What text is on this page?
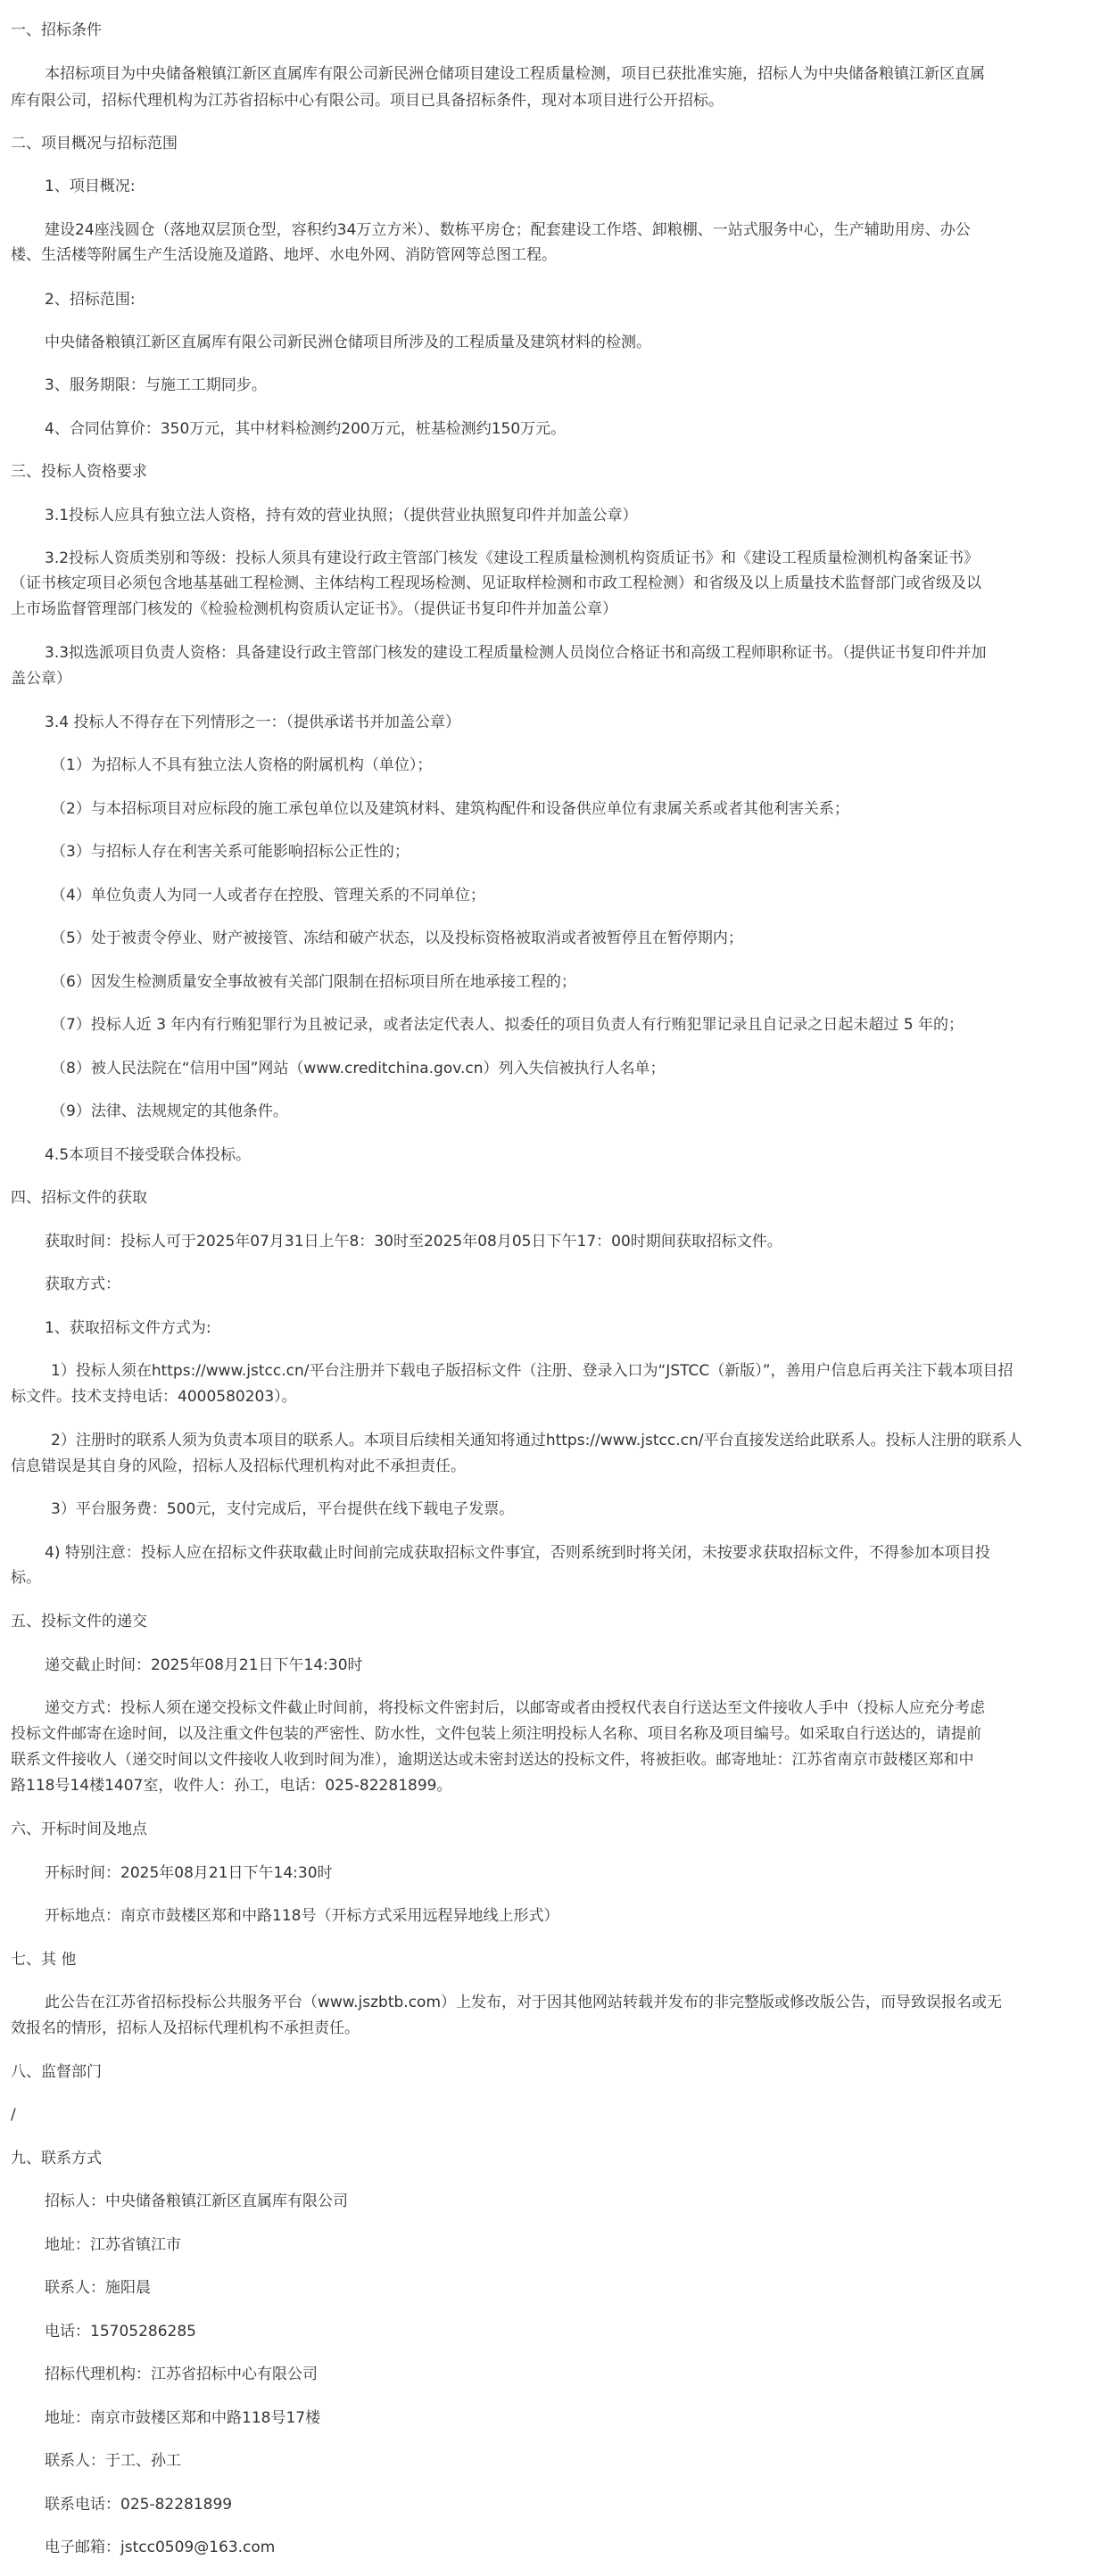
一、招标条件
本招标项目为中央储备粮镇江新区直属库有限公司新民洲仓储项目建设工程质量检测，项目已获批准实施，招标人为中央储备粮镇江新区直属
库有限公司，招标代理机构为江苏省招标中心有限公司。项目已具备招标条件，现对本项目进行公开招标。
二、项目概况与招标范围
1、项目概况:
建设24座浅圆仓（落地双层顶仓型，容积约34万立方米）、数栋平房仓；配套建设工作塔、卸粮棚、一站式服务中心，生产辅助用房、办公
楼、生活楼等附属生产生活设施及道路、地坪、水电外网、消防管网等总图工程。
2、招标范围:
中央储备粮镇江新区直属库有限公司新民洲仓储项目所涉及的工程质量及建筑材料的检测。
3、服务期限：与施工工期同步。
4、合同估算价：350万元，其中材料检测约200万元，桩基检测约150万元。
三、投标人资格要求
3.1投标人应具有独立法人资格，持有效的营业执照；（提供营业执照复印件并加盖公章）
3.2投标人资质类别和等级：投标人须具有建设行政主管部门核发《建设工程质量检测机构资质证书》和《建设工程质量检测机构备案证书》
（证书核定项目必须包含地基基础工程检测、主体结构工程现场检测、见证取样检测和市政工程检测）和省级及以上质量技术监督部门或省级及以
上市场监督管理部门核发的《检验检测机构资质认定证书》。（提供证书复印件并加盖公章）
3.3拟选派项目负责人资格：具备建设行政主管部门核发的建设工程质量检测人员岗位合格证书和高级工程师职称证书。（提供证书复印件并加
盖公章）
3.4 投标人不得存在下列情形之一：（提供承诺书并加盖公章）
（1）为招标人不具有独立法人资格的附属机构（单位）；
（2）与本招标项目对应标段的施工承包单位以及建筑材料、建筑构配件和设备供应单位有隶属关系或者其他利害关系；
（3）与招标人存在利害关系可能影响招标公正性的；
（4）单位负责人为同一人或者存在控股、管理关系的不同单位；
（5）处于被责令停业、财产被接管、冻结和破产状态，以及投标资格被取消或者被暂停且在暂停期内；
（6）因发生检测质量安全事故被有关部门限制在招标项目所在地承接工程的；
（7）投标人近 3 年内有行贿犯罪行为且被记录，或者法定代表人、拟委任的项目负责人有行贿犯罪记录且自记录之日起未超过 5 年的；
（8）被人民法院在“信用中国”网站（www.creditchina.gov.cn）列入失信被执行人名单；
（9）法律、法规规定的其他条件。
4.5本项目不接受联合体投标。
四、招标文件的获取
获取时间：投标人可于2025年07月31日上午8：30时至2025年08月05日下午17：00时期间获取招标文件。
获取方式：
1、获取招标文件方式为:
1）投标人须在https://www.jstcc.cn/平台注册并下载电子版招标文件（注册、登录入口为“JSTCC（新版）”，善用户信息后再关注下载本项目招
标文件。技术支持电话：4000580203）。
2）注册时的联系人须为负责本项目的联系人。本项目后续相关通知将通过https://www.jstcc.cn/平台直接发送给此联系人。投标人注册的联系人
信息错误是其自身的风险，招标人及招标代理机构对此不承担责任。
3）平台服务费：500元，支付完成后，平台提供在线下载电子发票。
4) 特别注意：投标人应在招标文件获取截止时间前完成获取招标文件事宜，否则系统到时将关闭，未按要求获取招标文件，不得参加本项目投
标。
五、投标文件的递交
递交截止时间：2025年08月21日下午14:30时
递交方式：投标人须在递交投标文件截止时间前，将投标文件密封后，以邮寄或者由授权代表自行送达至文件接收人手中（投标人应充分考虑
投标文件邮寄在途时间，以及注重文件包装的严密性、防水性，文件包装上须注明投标人名称、项目名称及项目编号。如采取自行送达的，请提前
联系文件接收人（递交时间以文件接收人收到时间为准），逾期送达或未密封送达的投标文件，将被拒收。邮寄地址：江苏省南京市鼓楼区郑和中
路118号14楼1407室，收件人：孙工，电话：025-82281899。
六、开标时间及地点
开标时间：2025年08月21日下午14:30时
开标地点：南京市鼓楼区郑和中路118号（开标方式采用远程异地线上形式）
七、其 他
此公告在江苏省招标投标公共服务平台（www.jszbtb.com）上发布，对于因其他网站转载并发布的非完整版或修改版公告，而导致误报名或无
效报名的情形，招标人及招标代理机构不承担责任。
八、监督部门
/
九、联系方式
招标人：中央储备粮镇江新区直属库有限公司
地址：江苏省镇江市
联系人：施阳晨
电话：15705286285
招标代理机构：江苏省招标中心有限公司
地址：南京市鼓楼区郑和中路118号17楼
联系人：于工、孙工
联系电话：025-82281899
电子邮箱：jstcc0509@163.com
